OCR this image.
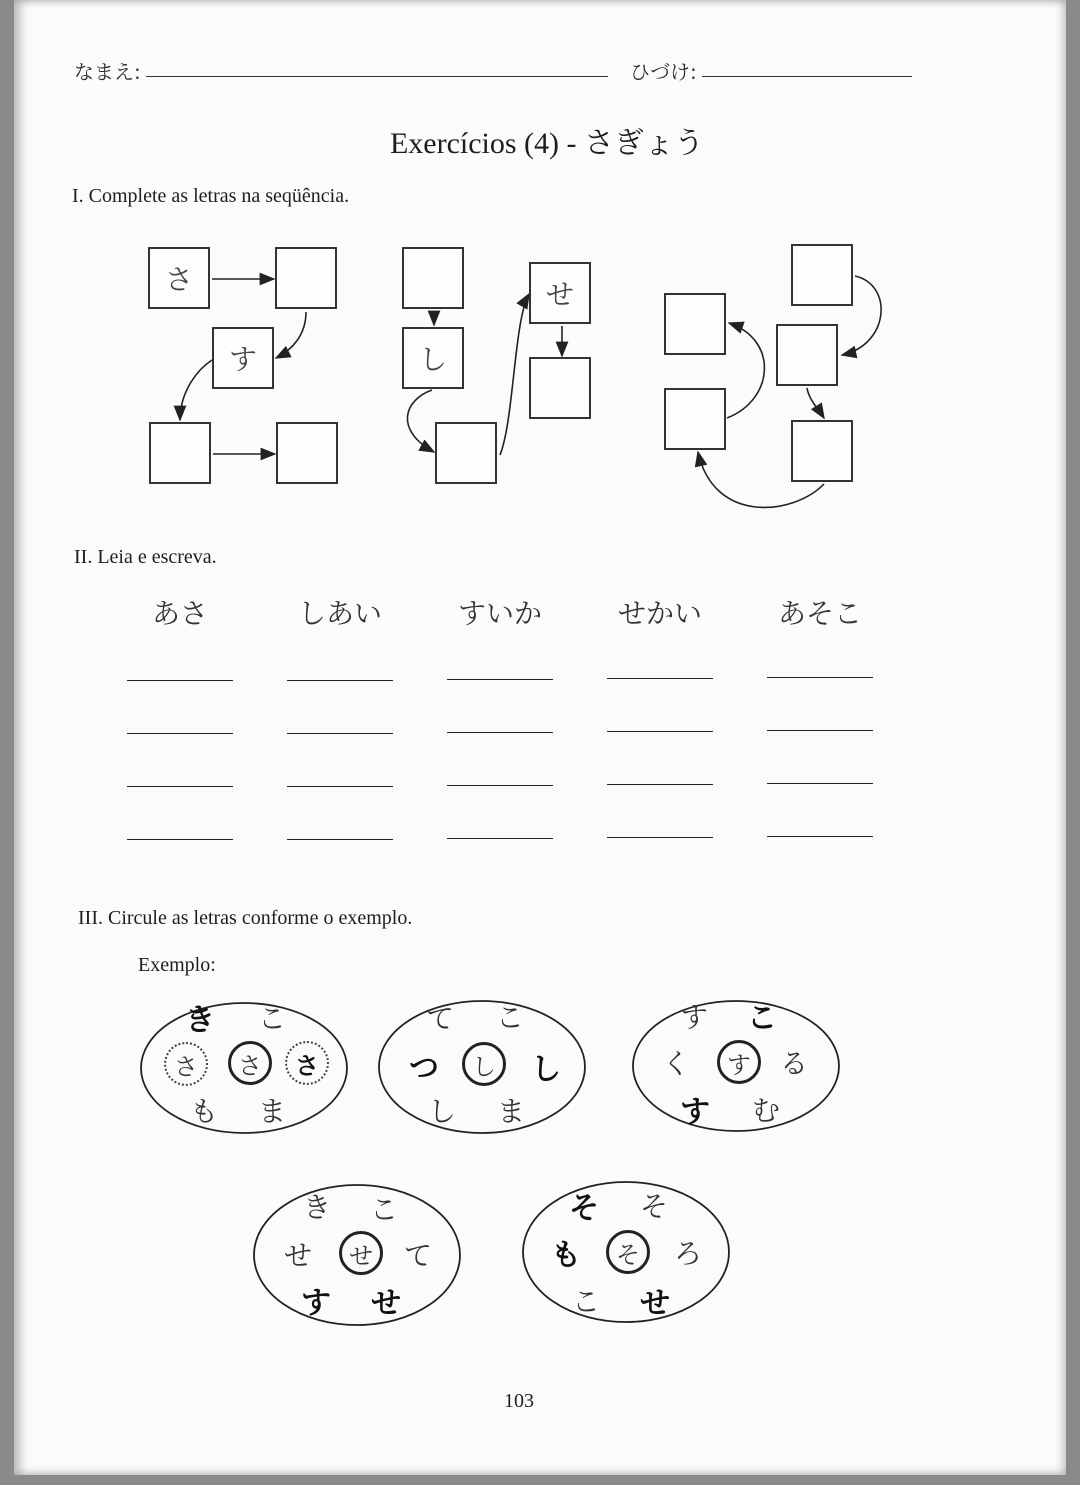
なまえ:	ひづけ:
Exercícios (4) - さぎょう
I. Complete as letras na seqüência.
さ
す	し
せ
II. Leia e escreva.
あさ	しあい	すいか	せかい	あそこ
III. Circule as letras conforme o exemplo.
Exemplo:
き こ
さ	さ	さ
も ま
て こ
つ	し	し
し ま
す こ
く	す	る
す む
き こ
せ	せ	て
す せ
そ そ
も	そ	ろ
こ せ
103
